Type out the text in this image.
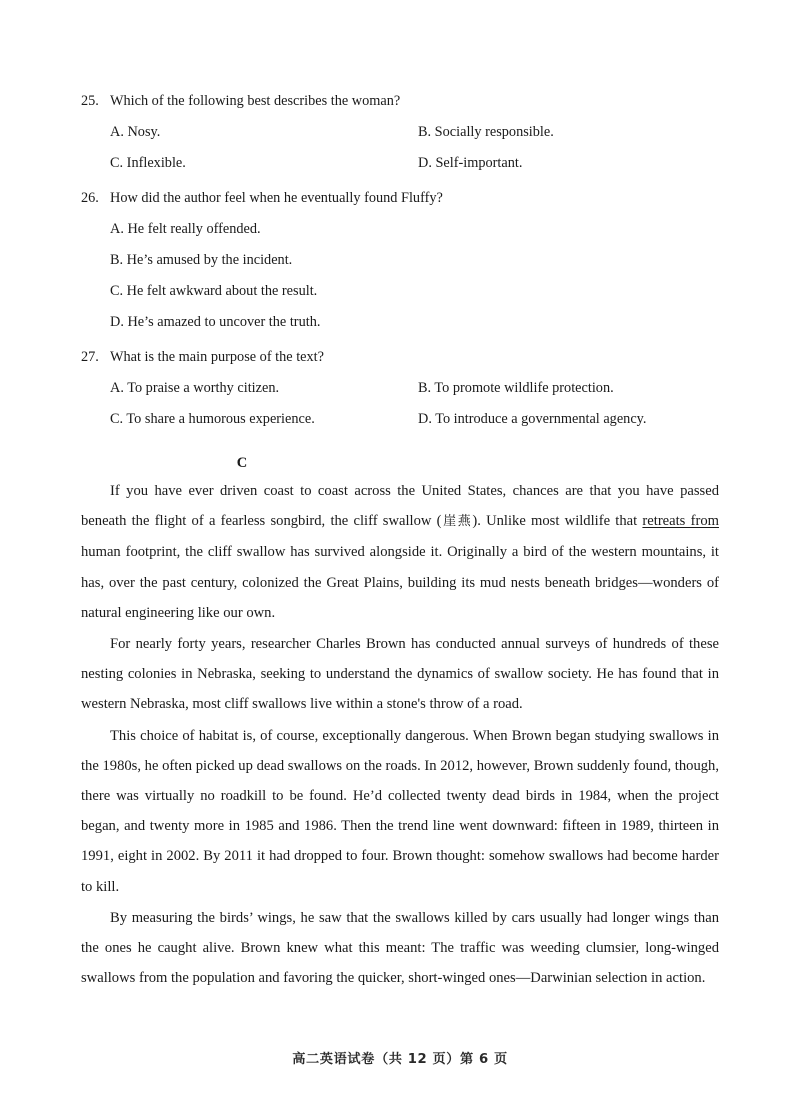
25. Which of the following best describes the woman?
A. Nosy.	B. Socially responsible.
C. Inflexible.	D. Self-important.
26. How did the author feel when he eventually found Fluffy?
A. He felt really offended.
B. He’s amused by the incident.
C. He felt awkward about the result.
D. He’s amazed to uncover the truth.
27. What is the main purpose of the text?
A. To praise a worthy citizen.	B. To promote wildlife protection.
C. To share a humorous experience.	D. To introduce a governmental agency.
C

If you have ever driven coast to coast across the United States, chances are that you have passed beneath the flight of a fearless songbird, the cliff swallow (崖燕). Unlike most wildlife that retreats from human footprint, the cliff swallow has survived alongside it. Originally a bird of the western mountains, it has, over the past century, colonized the Great Plains, building its mud nests beneath bridges—wonders of natural engineering like our own.

For nearly forty years, researcher Charles Brown has conducted annual surveys of hundreds of these nesting colonies in Nebraska, seeking to understand the dynamics of swallow society. He has found that in western Nebraska, most cliff swallows live within a stone's throw of a road.

This choice of habitat is, of course, exceptionally dangerous. When Brown began studying swallows in the 1980s, he often picked up dead swallows on the roads. In 2012, however, Brown suddenly found, though, there was virtually no roadkill to be found. He’d collected twenty dead birds in 1984, when the project began, and twenty more in 1985 and 1986. Then the trend line went downward: fifteen in 1989, thirteen in 1991, eight in 2002. By 2011 it had dropped to four. Brown thought: somehow swallows had become harder to kill.

By measuring the birds’ wings, he saw that the swallows killed by cars usually had longer wings than the ones he caught alive. Brown knew what this meant: The traffic was weeding clumsier, long-winged swallows from the population and favoring the quicker, short-winged ones—Darwinian selection in action.

高二英语试卷（共 12 页）第 6 页
